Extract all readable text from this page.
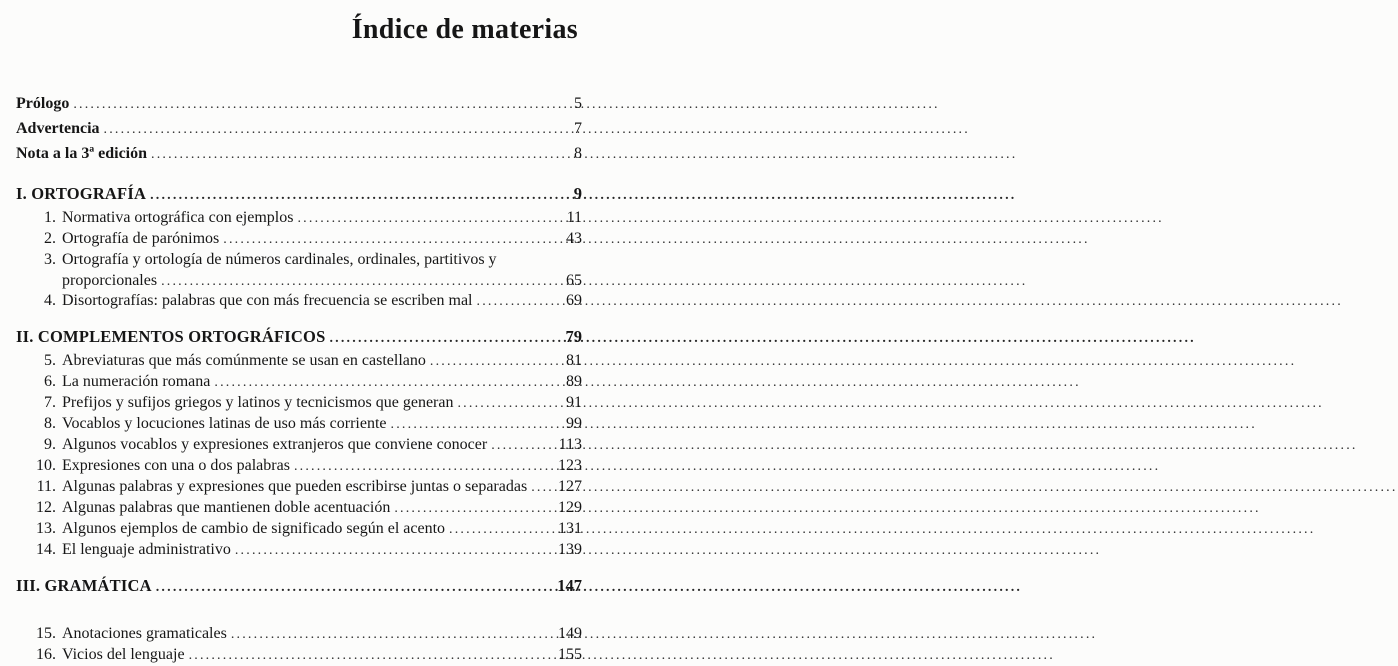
Índice de materias
Prólogo .....	5
Advertencia .....	7
Nota a la 3ª edición .....	8
I. ORTOGRAFÍA .....	9
1. Normativa ortográfica con ejemplos .....	11
2. Ortografía de parónimos .....	43
3. Ortografía y ortología de números cardinales, ordinales, partitivos y
proporcionales .....	65
4. Disortografías: palabras que con más frecuencia se escriben mal .....	69
II. COMPLEMENTOS ORTOGRÁFICOS .....	79
5. Abreviaturas que más comúnmente se usan en castellano .....	81
6. La numeración romana .....	89
7. Prefijos y sufijos griegos y latinos y tecnicismos que generan .....	91
8. Vocablos y locuciones latinas de uso más corriente .....	99
9. Algunos vocablos y expresiones extranjeros que conviene conocer .....	113
10. Expresiones con una o dos palabras .....	123
11. Algunas palabras y expresiones que pueden escribirse juntas o separadas .....	127
12. Algunas palabras que mantienen doble acentuación .....	129
13. Algunos ejemplos de cambio de significado según el acento .....	131
14. El lenguaje administrativo .....	139
III. GRAMÁTICA .....	147
15. Anotaciones gramaticales .....	149
16. Vicios del lenguaje .....	155
